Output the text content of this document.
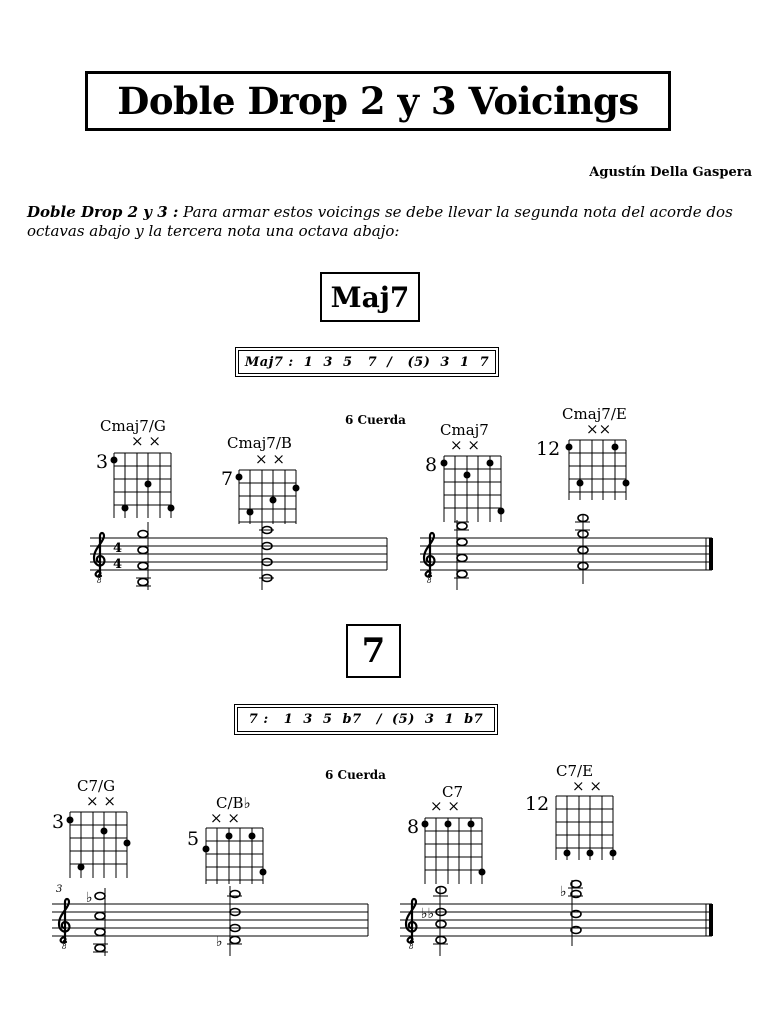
Doble Drop 2 y 3 Voicings
Agustín Della Gaspera
Doble Drop 2 y 3 : Para armar estos voicings se debe llevar la segunda nota del acorde dos octavas abajo y la tercera nota una octava abajo:
Maj7
Maj7 :  1  3  5   7  /   (5)  3  1  7
6 Cuerda
7
7 :   1  3  5  b7   /  (5)  3  1  b7
6 Cuerda
8
4
4
8
Cmaj7/G
× ×
3
Cmaj7/B
× ×
7
Cmaj7
× ×
8
Cmaj7/E
××
12
3
8
♭
♭	8
♭♭
♭
C7/G
× ×
3
C/B♭
× ×
5
C7
× ×
8
C7/E
× ×
12
